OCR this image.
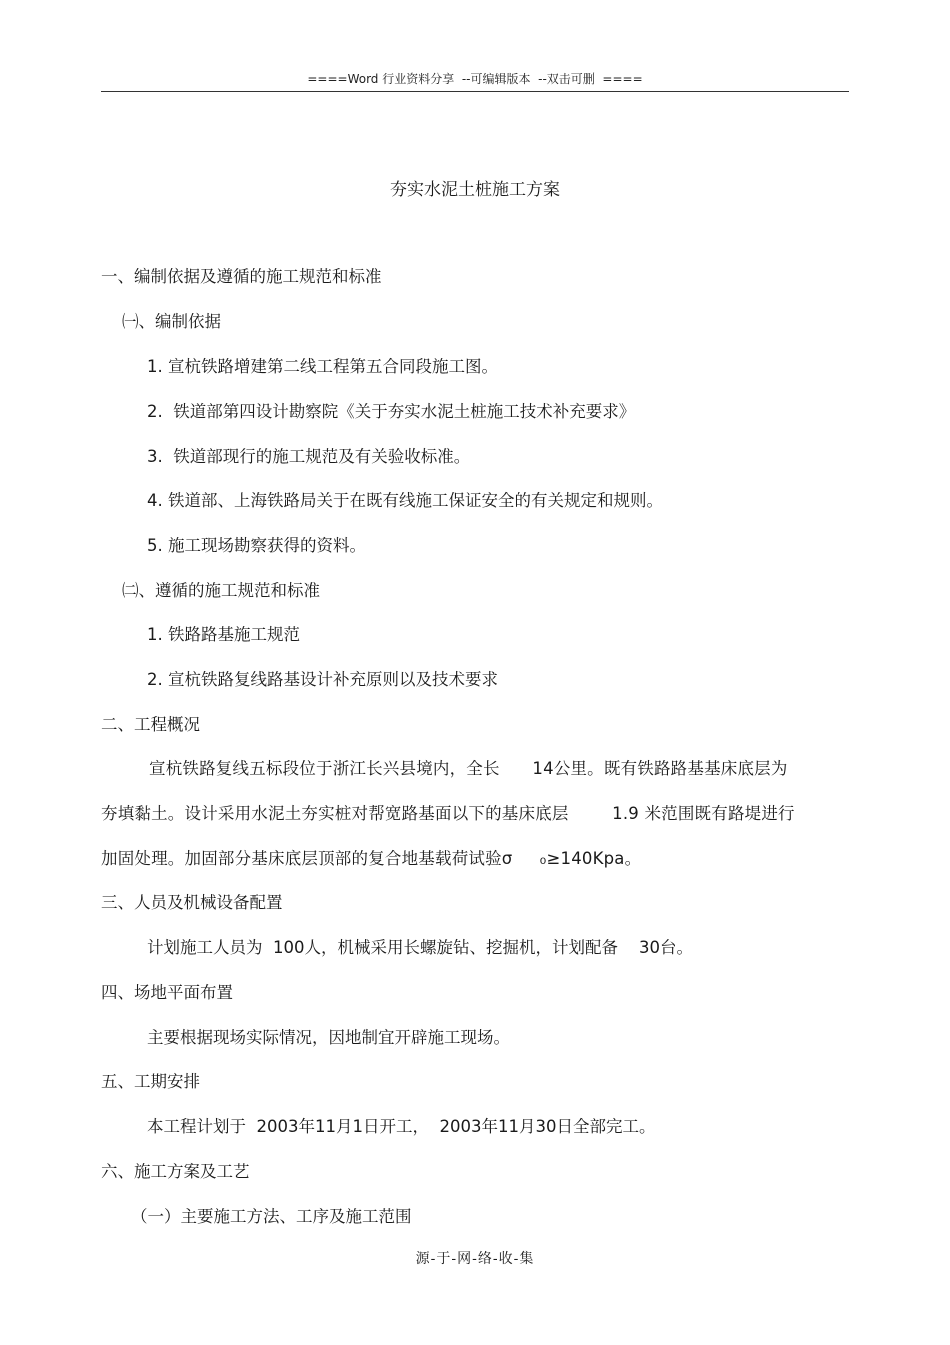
====Word 行业资料分享  --可编辑版本  --双击可删  ====
夯实水泥土桩施工方案
一、编制依据及遵循的施工规范和标准
㈠、编制依据
1. 宣杭铁路增建第二线工程第五合同段施工图。
2.  铁道部第四设计勘察院《关于夯实水泥土桩施工技术补充要求》
3.  铁道部现行的施工规范及有关验收标准。
4. 铁道部、上海铁路局关于在既有线施工保证安全的有关规定和规则。
5. 施工现场勘察获得的资料。
㈡、遵循的施工规范和标准
1. 铁路路基施工规范
2. 宣杭铁路复线路基设计补充原则以及技术要求
二、工程概况
宣杭铁路复线五标段位于浙江长兴县境内，全长      14公里。既有铁路路基基床底层为
夯填黏土。设计采用水泥土夯实桩对帮宽路基面以下的基床底层        1.9 米范围既有路堤进行
加固处理。加固部分基床底层顶部的复合地基载荷试验σ     ₀≥140Kpa。
三、人员及机械设备配置
计划施工人员为  100人，机械采用长螺旋钻、挖掘机，计划配备    30台。
四、场地平面布置
主要根据现场实际情况，因地制宜开辟施工现场。
五、工期安排
本工程计划于  2003年11月1日开工，  2003年11月30日全部完工。
六、施工方案及工艺
（一）主要施工方法、工序及施工范围
源-于-网-络-收-集
